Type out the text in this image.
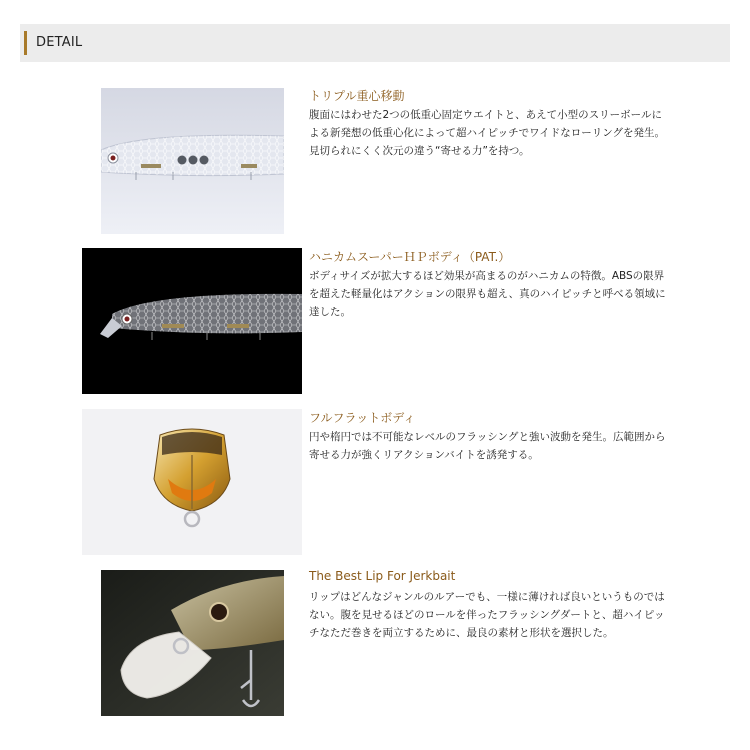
DETAIL
トリプル重心移動
腹面にはわせた2つの低重心固定ウエイトと、あえて小型のスリーボールによる新発想の低重心化によって超ハイピッチでワイドなローリングを発生。見切られにくく次元の違う“寄せる力”を持つ。
ハニカムスーパーＨＰボディ（PAT.）
ボディサイズが拡大するほど効果が高まるのがハニカムの特徴。ABSの限界を超えた軽量化はアクションの限界も超え、真のハイピッチと呼べる領域に達した。
フルフラットボディ
円や楕円では不可能なレベルのフラッシングと強い波動を発生。広範囲から寄せる力が強くリアクションバイトを誘発する。
The Best Lip For Jerkbait
リップはどんなジャンルのルアーでも、一様に薄ければ良いというものではない。腹を見せるほどのロールを伴ったフラッシングダートと、超ハイピッチなただ巻きを両立するために、最良の素材と形状を選択した。
